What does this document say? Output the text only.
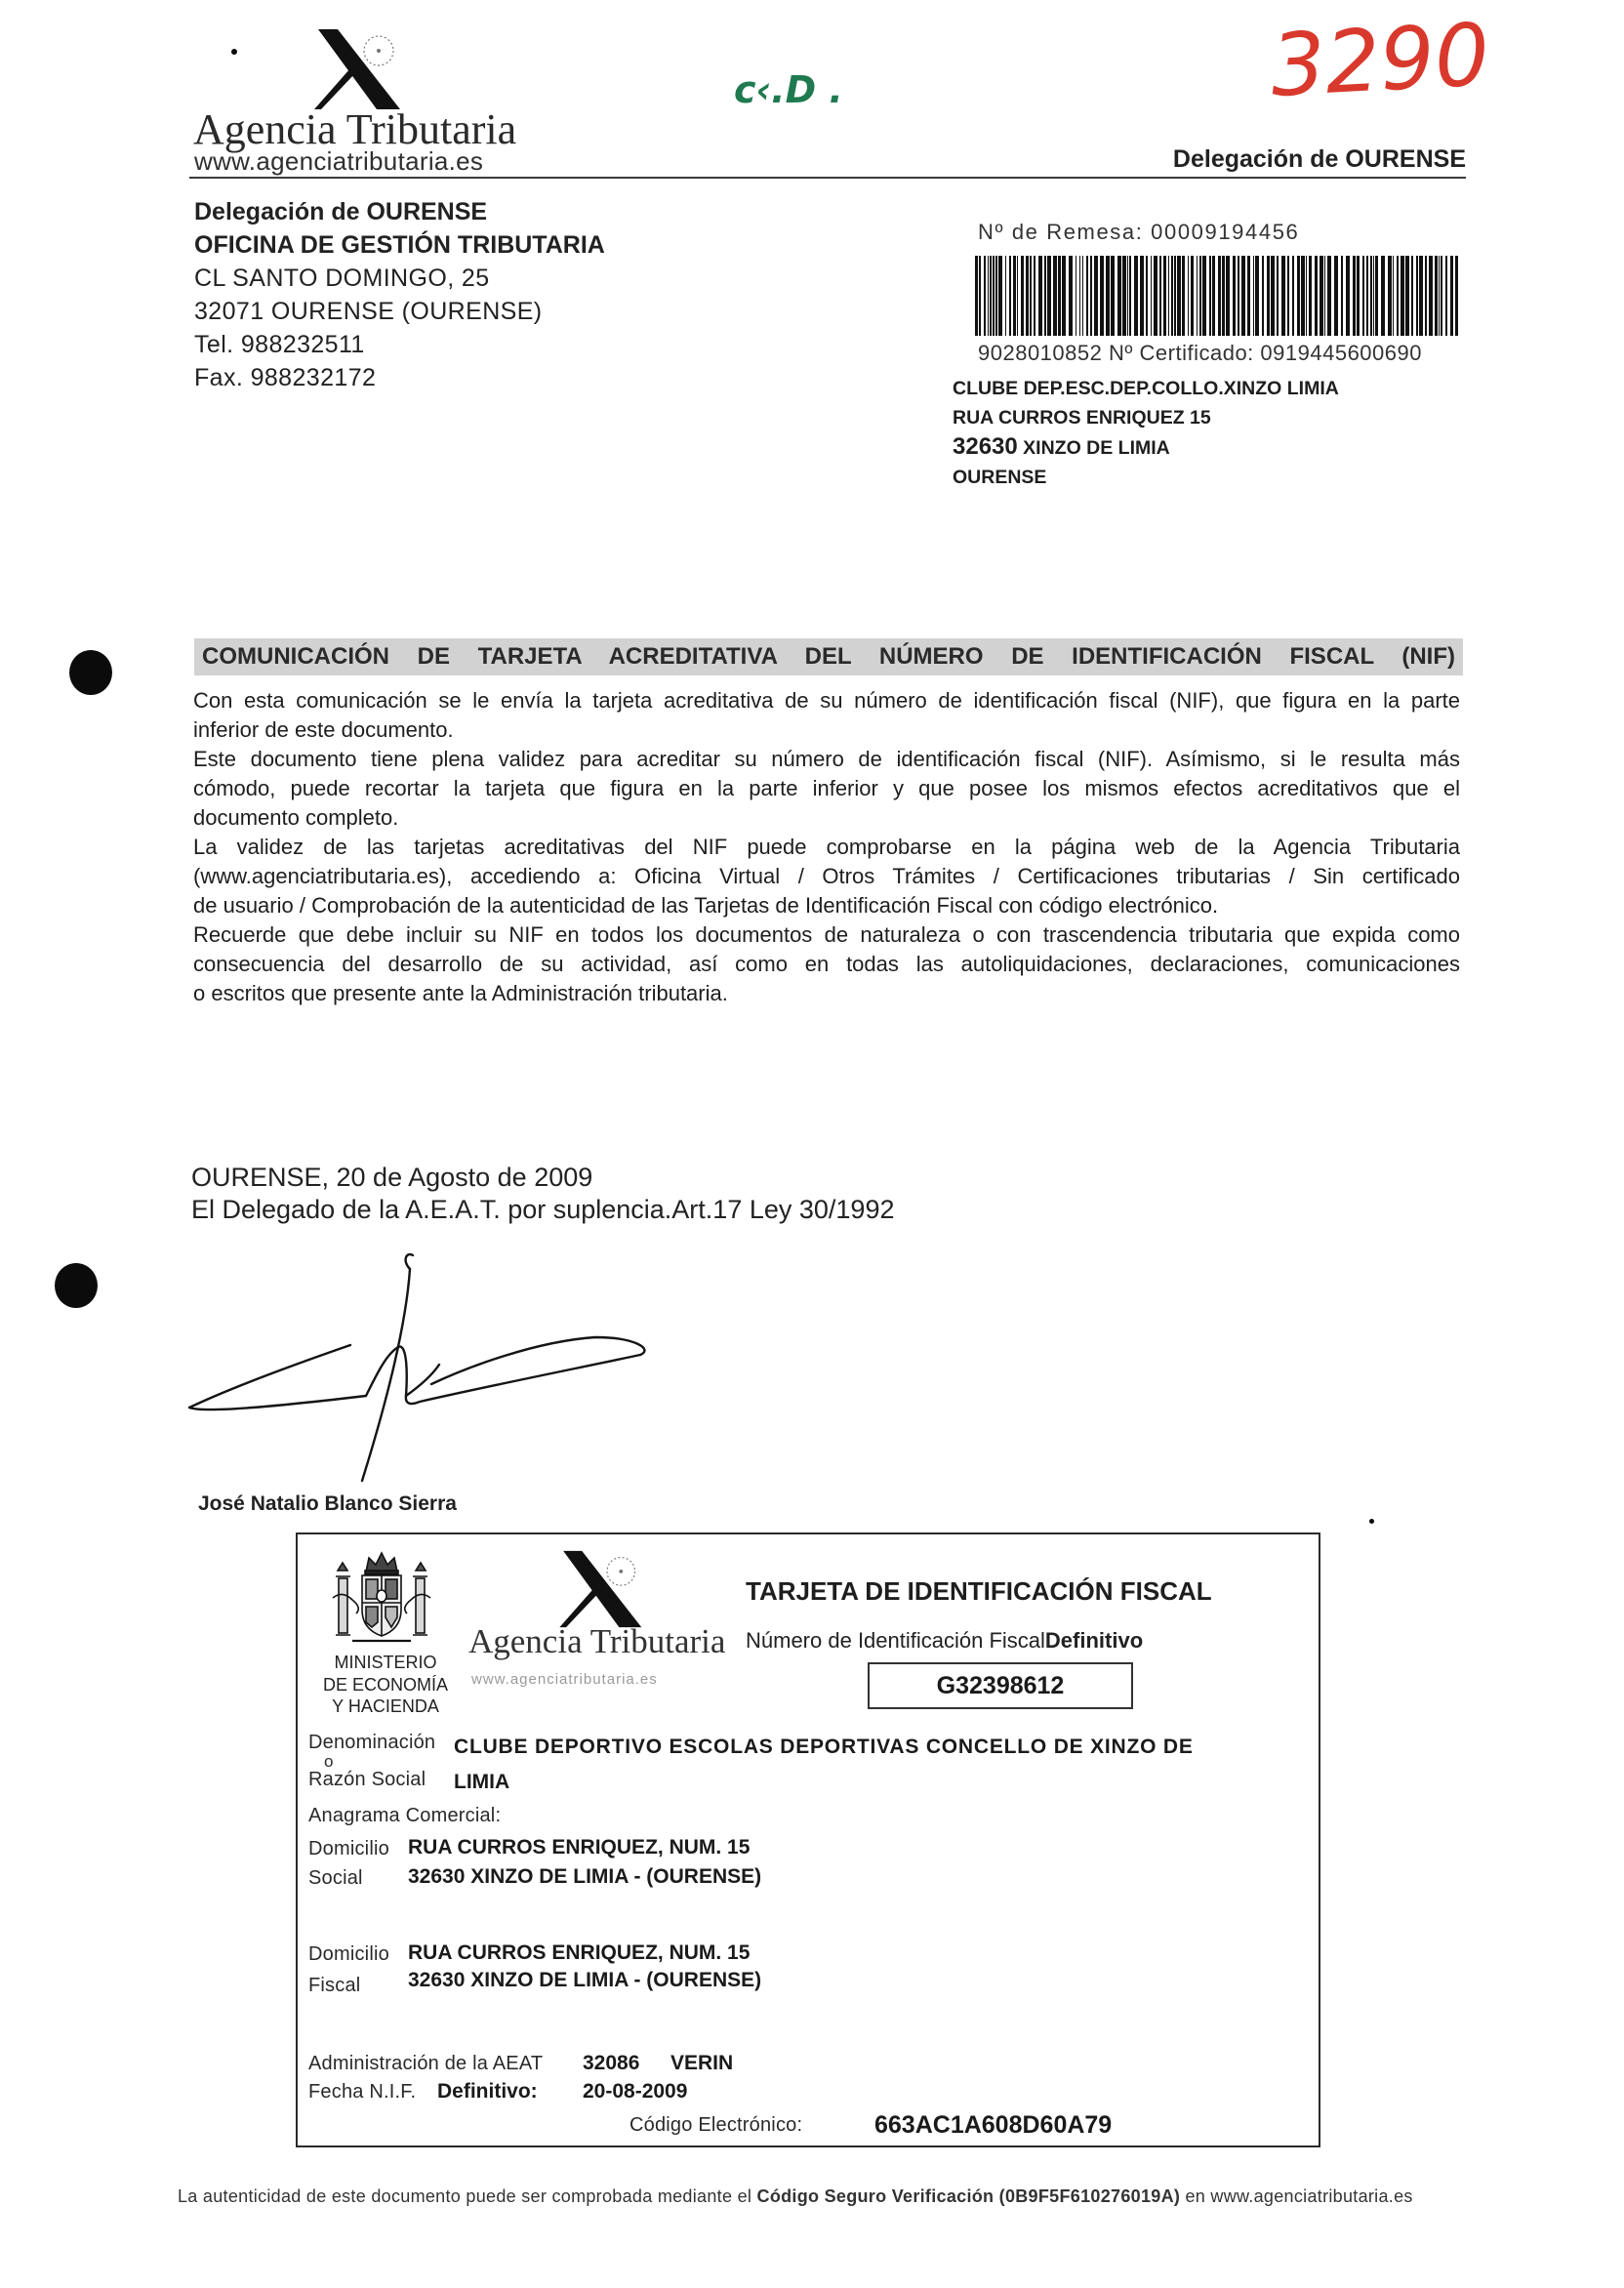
Agencia Tributaria
www.agenciatributaria.es
c‹.D .	3290
Delegación de OURENSE
Delegación de OURENSE
OFICINA DE GESTIÓN TRIBUTARIA
CL SANTO DOMINGO, 25
32071 OURENSE (OURENSE)
Tel. 988232511
Fax. 988232172
Nº de Remesa: 00009194456
9028010852 Nº Certificado: 0919445600690
CLUBE DEP.ESC.DEP.COLLO.XINZO LIMIA
RUA CURROS ENRIQUEZ 15
32630 XINZO DE LIMIA
OURENSE
COMUNICACIÓN DE TARJETA ACREDITATIVA DEL NÚMERO DE IDENTIFICACIÓN FISCAL (NIF)
Con esta comunicación se le envía la tarjeta acreditativa de su número de identificación fiscal (NIF), que figura en la parte
inferior de este documento.
Este documento tiene plena validez para acreditar su número de identificación fiscal (NIF). Asímismo, si le resulta más
cómodo, puede recortar la tarjeta que figura en la parte inferior y que posee los mismos efectos acreditativos que el
documento completo.
La validez de las tarjetas acreditativas del NIF puede comprobarse en la página web de la Agencia Tributaria
(www.agenciatributaria.es), accediendo a: Oficina Virtual / Otros Trámites / Certificaciones tributarias / Sin certificado
de usuario / Comprobación de la autenticidad de las Tarjetas de Identificación Fiscal con código electrónico.
Recuerde que debe incluir su NIF en todos los documentos de naturaleza o con trascendencia tributaria que expida como
consecuencia del desarrollo de su actividad, así como en todas las autoliquidaciones, declaraciones, comunicaciones
o escritos que presente ante la Administración tributaria.
OURENSE, 20 de Agosto de 2009
El Delegado de la A.E.A.T. por suplencia.Art.17 Ley 30/1992
José Natalio Blanco Sierra
MINISTERIO
DE ECONOMÍA
Y HACIENDA
Agencia Tributaria
www.agenciatributaria.es
TARJETA DE IDENTIFICACIÓN FISCAL
Número de Identificación FiscalDefinitivo
G32398612
Denominación
o
Razón Social
CLUBE DEPORTIVO ESCOLAS DEPORTIVAS CONCELLO DE XINZO DE
LIMIA
Anagrama Comercial:
Domicilio
Social
RUA CURROS ENRIQUEZ, NUM. 15
32630 XINZO DE LIMIA - (OURENSE)
Domicilio
Fiscal
RUA CURROS ENRIQUEZ, NUM. 15
32630 XINZO DE LIMIA - (OURENSE)
Administración de la AEAT 32086 VERIN
Fecha N.I.F. Definitivo: 20-08-2009
Código Electrónico:	663AC1A608D60A79
La autenticidad de este documento puede ser comprobada mediante el Código Seguro Verificación (0B9F5F610276019A) en www.agenciatributaria.es
